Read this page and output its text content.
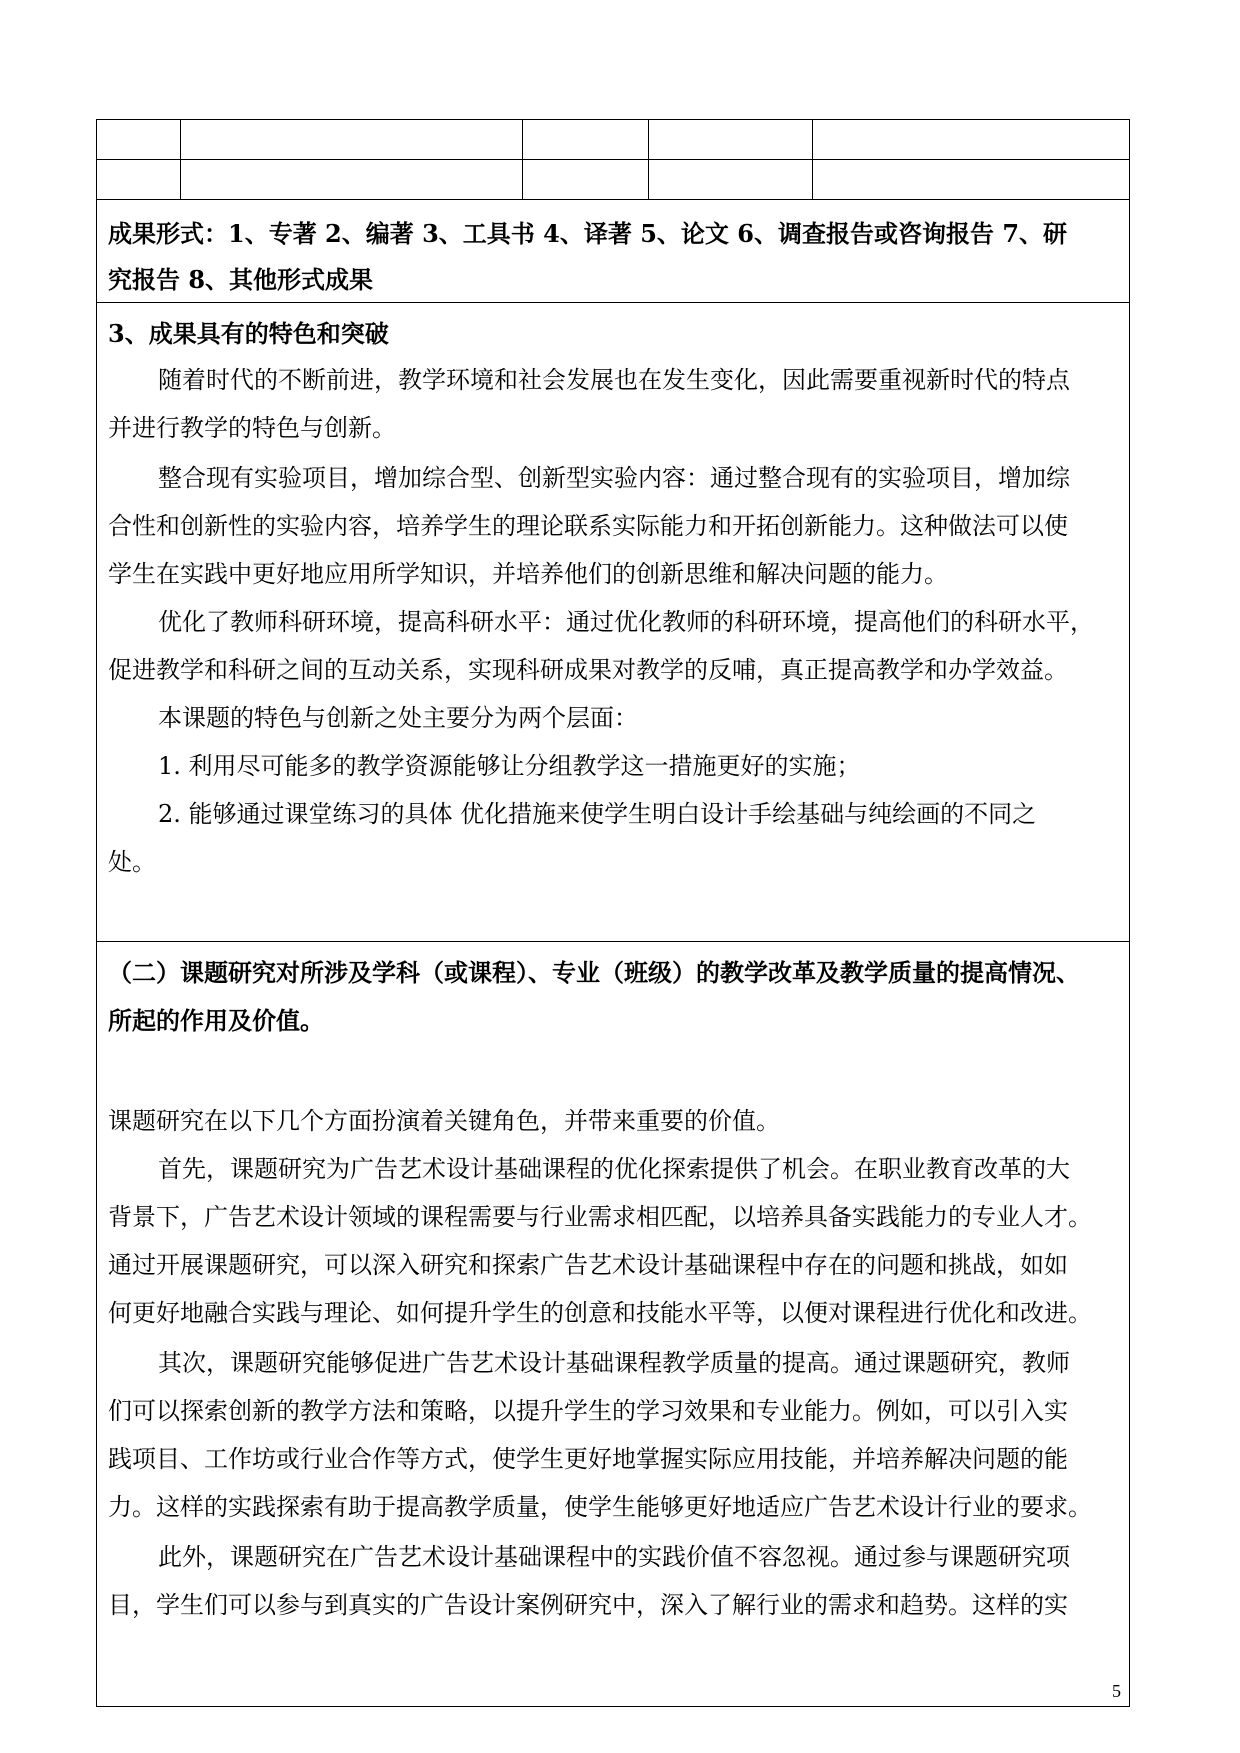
成果形式：1、专著 2、编著 3、工具书 4、译著 5、论文 6、调查报告或咨询报告 7、研

究报告 8、其他形式成果

3、成果具有的特色和突破

随着时代的不断前进，教学环境和社会发展也在发生变化，因此需要重视新时代的特点

并进行教学的特色与创新。

整合现有实验项目，增加综合型、创新型实验内容：通过整合现有的实验项目，增加综

合性和创新性的实验内容，培养学生的理论联系实际能力和开拓创新能力。这种做法可以使

学生在实践中更好地应用所学知识，并培养他们的创新思维和解决问题的能力。

优化了教师科研环境，提高科研水平：通过优化教师的科研环境，提高他们的科研水平，

促进教学和科研之间的互动关系，实现科研成果对教学的反哺，真正提高教学和办学效益。

本课题的特色与创新之处主要分为两个层面：

1. 利用尽可能多的教学资源能够让分组教学这一措施更好的实施；

2. 能够通过课堂练习的具体 优化措施来使学生明白设计手绘基础与纯绘画的不同之

处。

（二）课题研究对所涉及学科（或课程）、专业（班级）的教学改革及教学质量的提高情况、

所起的作用及价值。

课题研究在以下几个方面扮演着关键角色，并带来重要的价值。

首先，课题研究为广告艺术设计基础课程的优化探索提供了机会。在职业教育改革的大

背景下，广告艺术设计领域的课程需要与行业需求相匹配，以培养具备实践能力的专业人才。

通过开展课题研究，可以深入研究和探索广告艺术设计基础课程中存在的问题和挑战，如如

何更好地融合实践与理论、如何提升学生的创意和技能水平等，以便对课程进行优化和改进。

其次，课题研究能够促进广告艺术设计基础课程教学质量的提高。通过课题研究，教师

们可以探索创新的教学方法和策略，以提升学生的学习效果和专业能力。例如，可以引入实

践项目、工作坊或行业合作等方式，使学生更好地掌握实际应用技能，并培养解决问题的能

力。这样的实践探索有助于提高教学质量，使学生能够更好地适应广告艺术设计行业的要求。

此外，课题研究在广告艺术设计基础课程中的实践价值不容忽视。通过参与课题研究项

目，学生们可以参与到真实的广告设计案例研究中，深入了解行业的需求和趋势。这样的实

5
